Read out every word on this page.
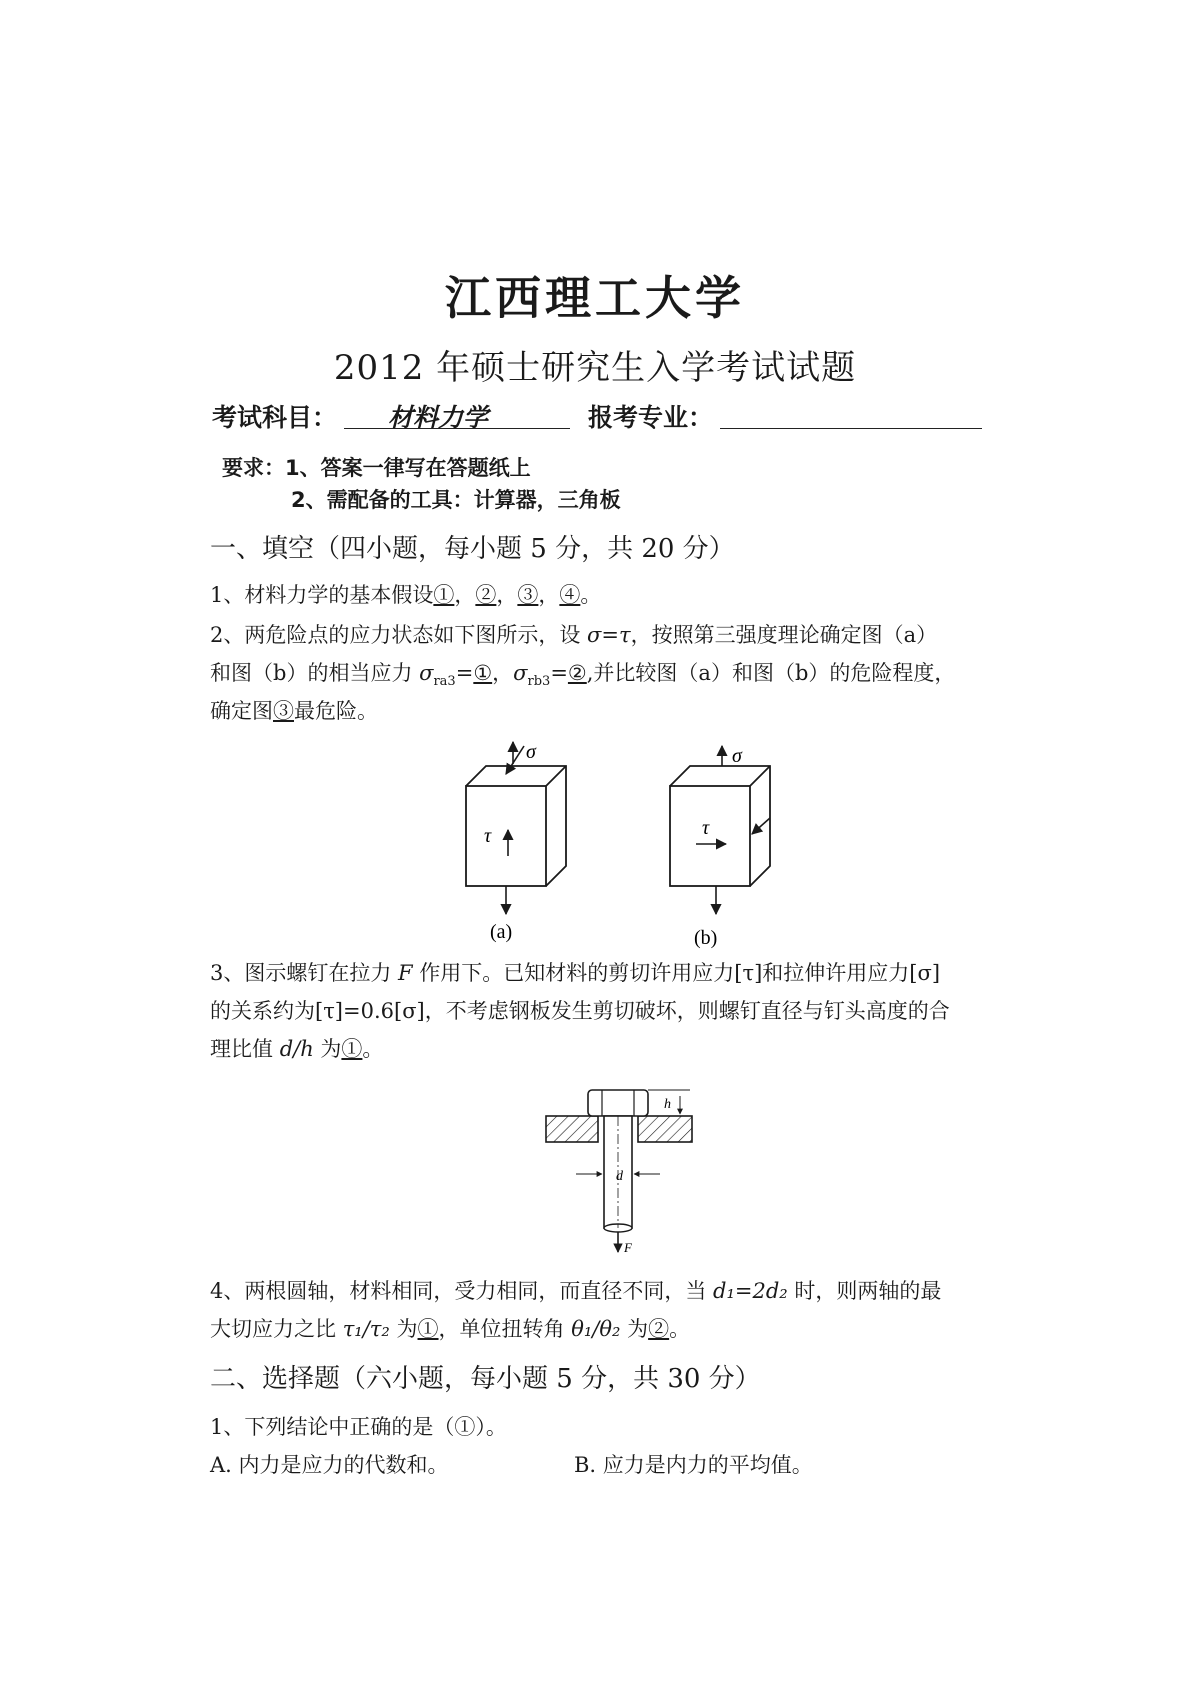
江西理工大学
2012 年硕士研究生入学考试试题
考试科目： 材料力学	报考专业：
要求：1、答案一律写在答题纸上
2、需配备的工具：计算器，三角板
一、填空（四小题，每小题 5 分，共 20 分）
1、材料力学的基本假设①，②，③，④。
2、两危险点的应力状态如下图所示，设 σ=τ，按照第三强度理论确定图（a）
和图（b）的相当应力 $\sigma_{ra3}=①$，$\sigma_{rb3}=②$,并比较图（a）和图（b）的危险程度，
确定图③最危险。
σ
τ
(a)
σ
τ
(b)
3、图示螺钉在拉力 F 作用下。已知材料的剪切许用应力[τ]和拉伸许用应力[σ]
的关系约为[τ]=0.6[σ]，不考虑钢板发生剪切破坏，则螺钉直径与钉头高度的合
理比值 d/h 为①。
h
d
F
4、两根圆轴，材料相同，受力相同，而直径不同，当 d₁=2d₂ 时，则两轴的最
大切应力之比 τ₁/τ₂ 为①，单位扭转角 θ₁/θ₂ 为②。
二、选择题（六小题，每小题 5 分，共 30 分）
1、下列结论中正确的是（①）。
A. 内力是应力的代数和。	B. 应力是内力的平均值。
